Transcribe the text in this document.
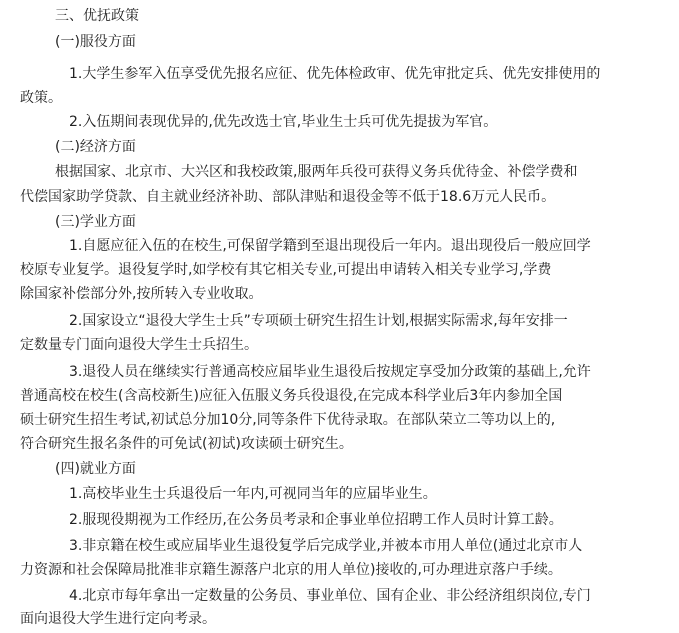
三、优抚政策
(一)服役方面
1.大学生参军入伍享受优先报名应征、优先体检政审、优先审批定兵、优先安排使用的
政策。
2.入伍期间表现优异的,优先改选士官,毕业生士兵可优先提拔为军官。
(二)经济方面
根据国家、北京市、大兴区和我校政策,服两年兵役可获得义务兵优待金、补偿学费和
代偿国家助学贷款、自主就业经济补助、部队津贴和退役金等不低于18.6万元人民币。
(三)学业方面
1.自愿应征入伍的在校生,可保留学籍到至退出现役后一年内。退出现役后一般应回学
校原专业复学。退役复学时,如学校有其它相关专业,可提出申请转入相关专业学习,学费
除国家补偿部分外,按所转入专业收取。
2.国家设立“退役大学生士兵”专项硕士研究生招生计划,根据实际需求,每年安排一
定数量专门面向退役大学生士兵招生。
3.退役人员在继续实行普通高校应届毕业生退役后按规定享受加分政策的基础上,允许
普通高校在校生(含高校新生)应征入伍服义务兵役退役,在完成本科学业后3年内参加全国
硕士研究生招生考试,初试总分加10分,同等条件下优待录取。在部队荣立二等功以上的,
符合研究生报名条件的可免试(初试)攻读硕士研究生。
(四)就业方面
1.高校毕业生士兵退役后一年内,可视同当年的应届毕业生。
2.服现役期视为工作经历,在公务员考录和企事业单位招聘工作人员时计算工龄。
3.非京籍在校生或应届毕业生退役复学后完成学业,并被本市用人单位(通过北京市人
力资源和社会保障局批准非京籍生源落户北京的用人单位)接收的,可办理进京落户手续。
4.北京市每年拿出一定数量的公务员、事业单位、国有企业、非公经济组织岗位,专门
面向退役大学生进行定向考录。
